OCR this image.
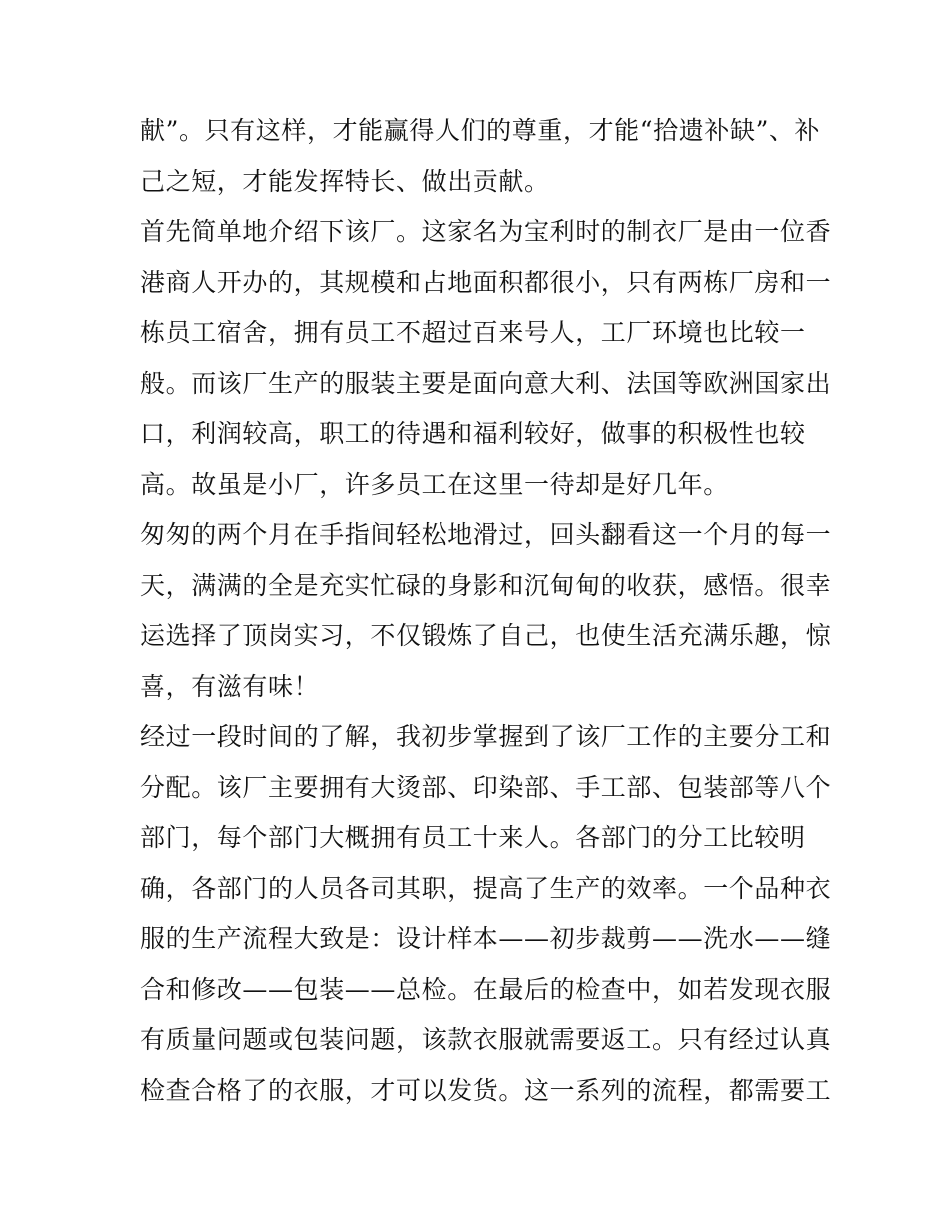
献”。只有这样，才能赢得人们的尊重，才能“拾遗补缺”、补
己之短，才能发挥特长、做出贡献。
首先简单地介绍下该厂。这家名为宝利时的制衣厂是由一位香
港商人开办的，其规模和占地面积都很小，只有两栋厂房和一
栋员工宿舍，拥有员工不超过百来号人，工厂环境也比较一
般。而该厂生产的服装主要是面向意大利、法国等欧洲国家出
口，利润较高，职工的待遇和福利较好，做事的积极性也较
高。故虽是小厂，许多员工在这里一待却是好几年。
匆匆的两个月在手指间轻松地滑过，回头翻看这一个月的每一
天，满满的全是充实忙碌的身影和沉甸甸的收获，感悟。很幸
运选择了顶岗实习，不仅锻炼了自己，也使生活充满乐趣，惊
喜，有滋有味！
经过一段时间的了解，我初步掌握到了该厂工作的主要分工和
分配。该厂主要拥有大烫部、印染部、手工部、包装部等八个
部门，每个部门大概拥有员工十来人。各部门的分工比较明
确，各部门的人员各司其职，提高了生产的效率。一个品种衣
服的生产流程大致是：设计样本——初步裁剪——洗水——缝
合和修改——包装——总检。在最后的检查中，如若发现衣服
有质量问题或包装问题，该款衣服就需要返工。只有经过认真
检查合格了的衣服，才可以发货。这一系列的流程，都需要工
